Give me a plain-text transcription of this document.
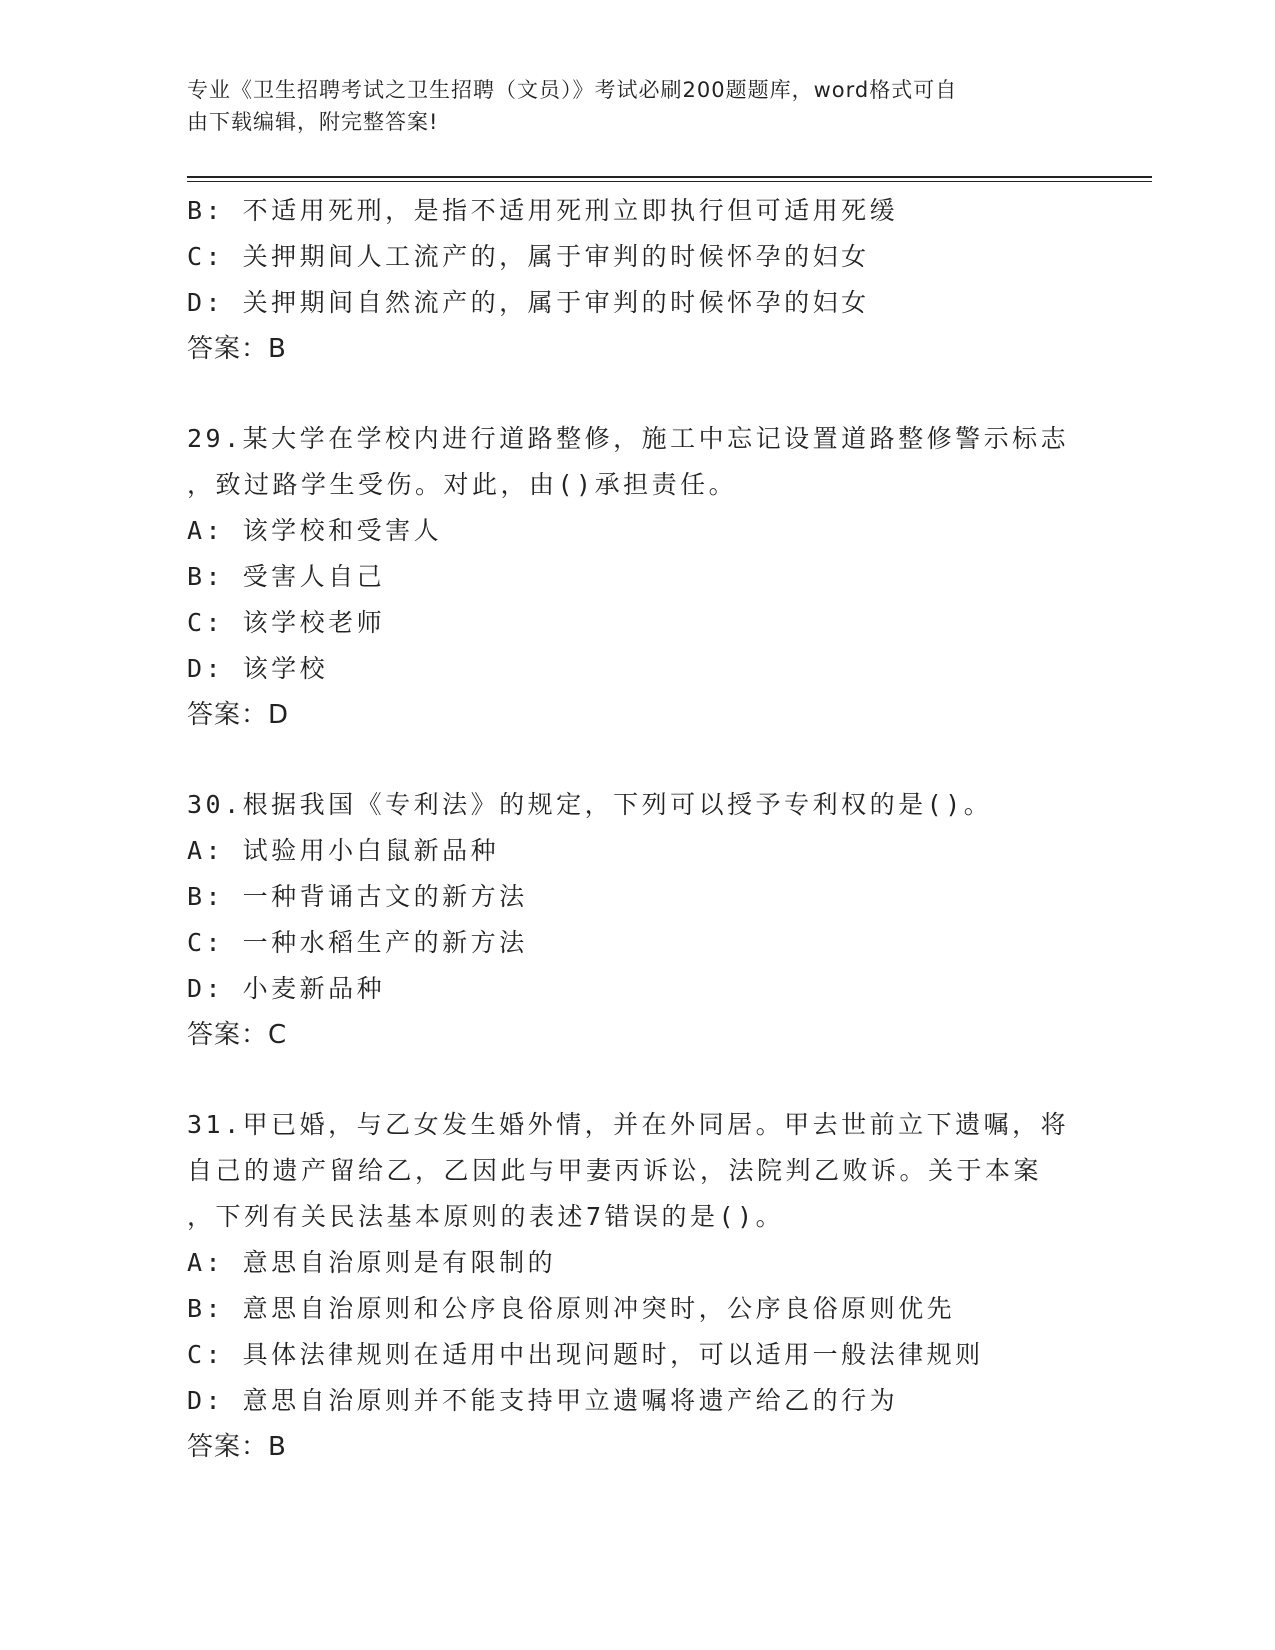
专业《卫生招聘考试之卫生招聘（文员）》考试必刷200题题库，word格式可自
由下载编辑，附完整答案!
B: 不适用死刑，是指不适用死刑立即执行但可适用死缓
C: 关押期间人工流产的，属于审判的时候怀孕的妇女
D: 关押期间自然流产的，属于审判的时候怀孕的妇女
答案：B
29.某大学在学校内进行道路整修，施工中忘记设置道路整修警示标志
，致过路学生受伤。对此，由()承担责任。
A: 该学校和受害人
B: 受害人自己
C: 该学校老师
D: 该学校
答案：D
30.根据我国《专利法》的规定，下列可以授予专利权的是()。
A: 试验用小白鼠新品种
B: 一种背诵古文的新方法
C: 一种水稻生产的新方法
D: 小麦新品种
答案：C
31.甲已婚，与乙女发生婚外情，并在外同居。甲去世前立下遗嘱，将
自己的遗产留给乙，乙因此与甲妻丙诉讼，法院判乙败诉。关于本案
，下列有关民法基本原则的表述7错误的是()。
A: 意思自治原则是有限制的
B: 意思自治原则和公序良俗原则冲突时，公序良俗原则优先
C: 具体法律规则在适用中出现问题时，可以适用一般法律规则
D: 意思自治原则并不能支持甲立遗嘱将遗产给乙的行为
答案：B
